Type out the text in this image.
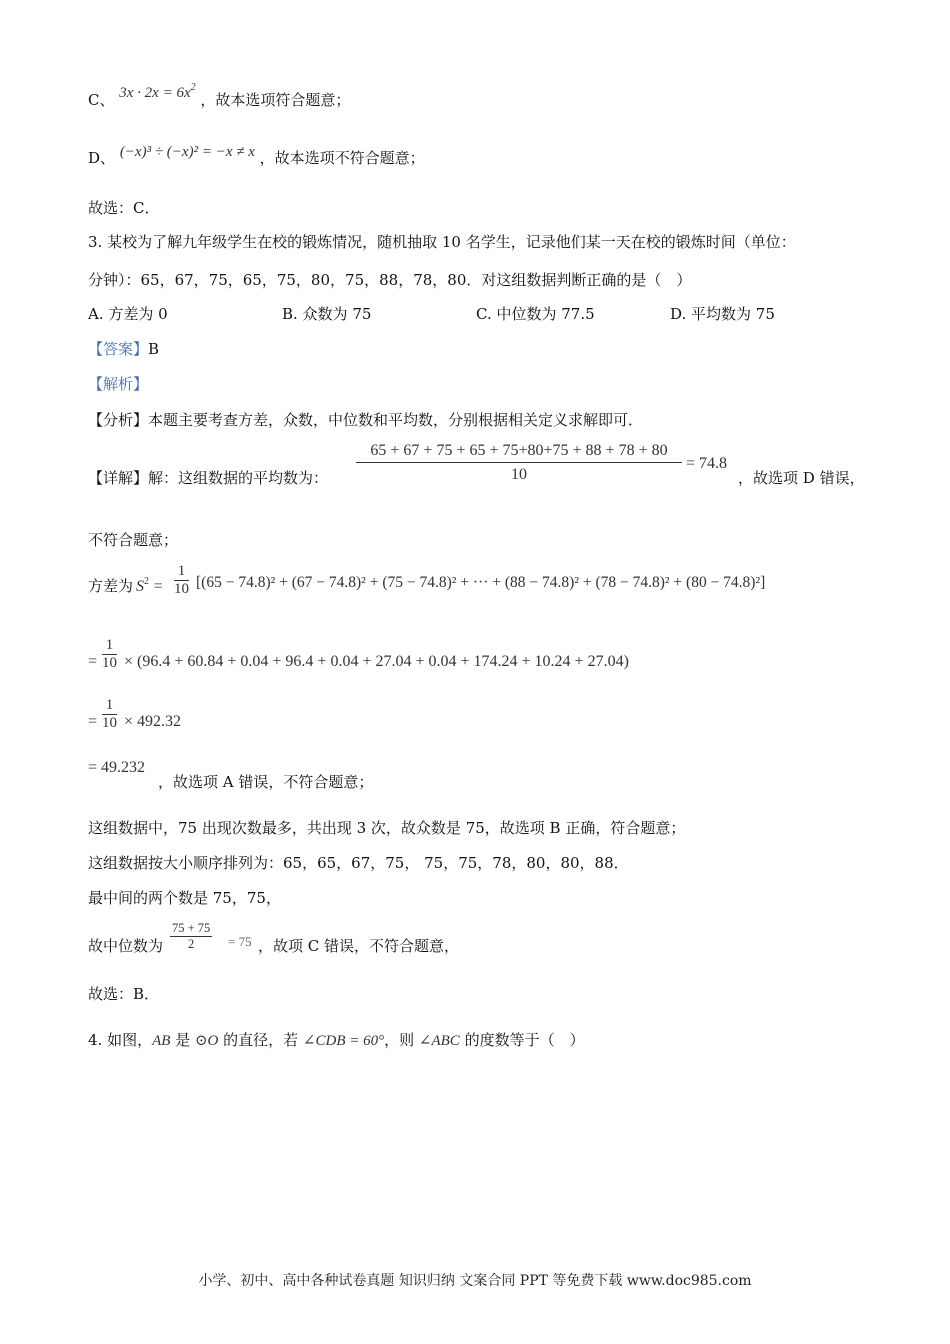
C、 $3x \cdot 2x = 6x^2$ ，故本选项符合题意；
D、 (−x)³ ÷ (−x)² = −x ≠ x ，故本选项不符合题意；
故选：C．
3. 某校为了解九年级学生在校的锻炼情况，随机抽取 10 名学生，记录他们某一天在校的锻炼时间（单位：
分钟）：65，67，75，65，75，80，75，88，78，80．对这组数据判断正确的是（　）
A. 方差为 0	B. 众数为 75	C. 中位数为 77.5	D. 平均数为 75
【答案】B
【解析】
【分析】本题主要考查方差，众数，中位数和平均数，分别根据相关定义求解即可．
【详解】解：这组数据的平均数为：
65 + 67 + 75 + 65 + 75+80+75 + 88 + 78 + 80
10
= 74.8
，故选项 D 错误，
不符合题意；
方差为 $S^2$ =
1
10 [(65 − 74.8)² + (67 − 74.8)² + (75 − 74.8)² + ··· + (88 − 74.8)² + (78 − 74.8)² + (80 − 74.8)²]
=
1
10 × (96.4 + 60.84 + 0.04 + 96.4 + 0.04 + 27.04 + 0.04 + 174.24 + 10.24 + 27.04)
=
1
10 × 492.32
= 49.232
，故选项 A 错误，不符合题意；
这组数据中，75 出现次数最多，共出现 3 次，故众数是 75，故选项 B 正确，符合题意；
这组数据按大小顺序排列为：65，65，67，75， 75，75，78，80，80，88．
最中间的两个数是 75，75，
故中位数为
75 + 75
2	= 75 ，故项 C 错误，不符合题意，
故选：B．
4. 如图，AB 是 ⊙O 的直径，若 ∠CDB = 60°，则 ∠ABC 的度数等于（　）
小学、初中、高中各种试卷真题 知识归纳 文案合同 PPT 等免费下载 www.doc985.com
